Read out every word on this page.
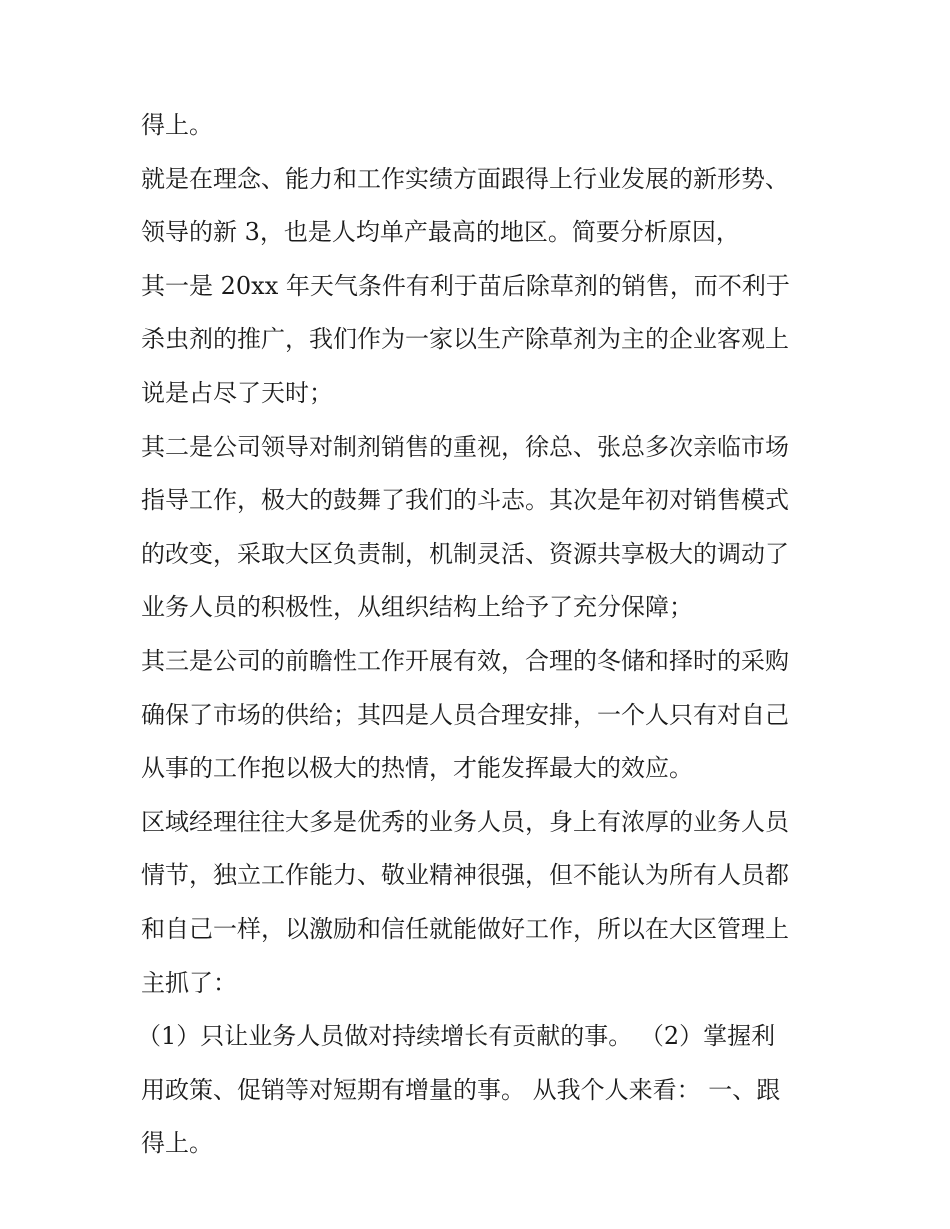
得上。

就是在理念、能力和工作实绩方面跟得上行业发展的新形势、

领导的新 3，也是人均单产最高的地区。简要分析原因，

其一是 20xx 年天气条件有利于苗后除草剂的销售，而不利于

杀虫剂的推广，我们作为一家以生产除草剂为主的企业客观上

说是占尽了天时；

其二是公司领导对制剂销售的重视，徐总、张总多次亲临市场

指导工作，极大的鼓舞了我们的斗志。其次是年初对销售模式

的改变，采取大区负责制，机制灵活、资源共享极大的调动了

业务人员的积极性，从组织结构上给予了充分保障；

其三是公司的前瞻性工作开展有效，合理的冬储和择时的采购

确保了市场的供给；其四是人员合理安排，一个人只有对自己

从事的工作抱以极大的热情，才能发挥最大的效应。

区域经理往往大多是优秀的业务人员，身上有浓厚的业务人员

情节，独立工作能力、敬业精神很强，但不能认为所有人员都

和自己一样，以激励和信任就能做好工作，所以在大区管理上

主抓了：

（1）只让业务人员做对持续增长有贡献的事。 （2）掌握利

用政策、促销等对短期有增量的事。 从我个人来看： 一、跟

得上。
